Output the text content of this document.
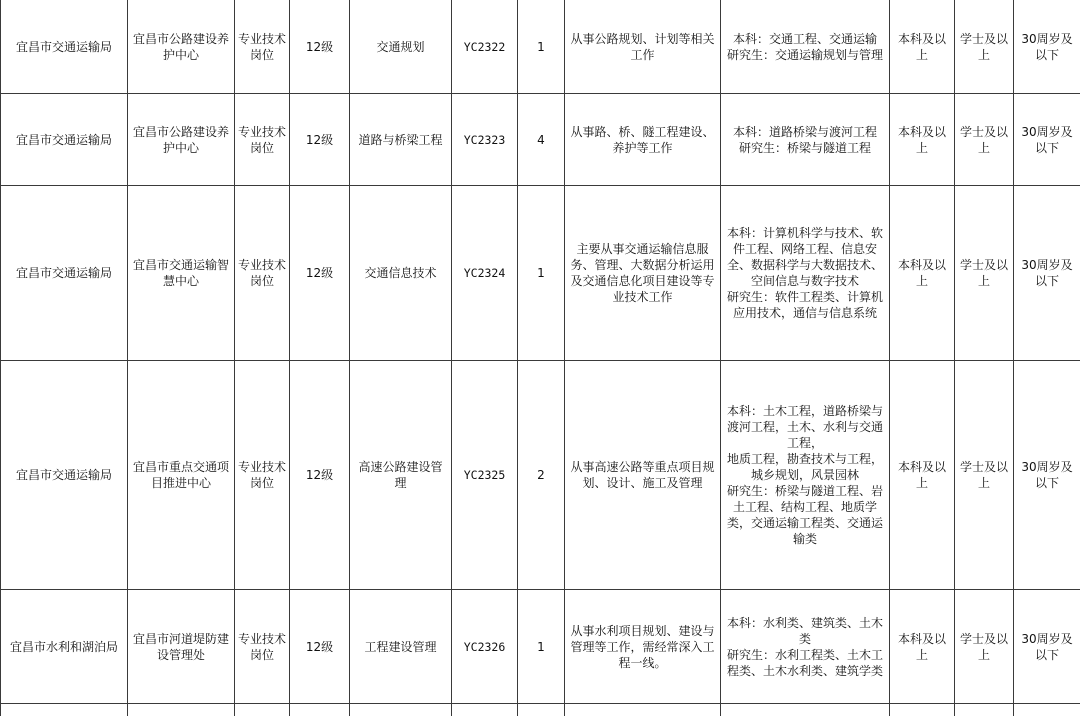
宜昌市交通运输局	宜昌市公路建设养护中心	专业技术岗位	12级	交通规划	YC2322	1	从事公路规划、计划等相关工作	本科：交通工程、交通运输
研究生：交通运输规划与管理	本科及以上	学士及以上	30周岁及以下
宜昌市交通运输局	宜昌市公路建设养护中心	专业技术岗位	12级	道路与桥梁工程	YC2323	4	从事路、桥、隧工程建设、养护等工作	本科：道路桥梁与渡河工程
研究生：桥梁与隧道工程	本科及以上	学士及以上	30周岁及以下
宜昌市交通运输局	宜昌市交通运输智慧中心	专业技术岗位	12级	交通信息技术	YC2324	1	主要从事交通运输信息服务、管理、大数据分析运用及交通信息化项目建设等专业技术工作	本科：计算机科学与技术、软件工程、网络工程、信息安全、数据科学与大数据技术、空间信息与数字技术
研究生：软件工程类、计算机应用技术，通信与信息系统	本科及以上	学士及以上	30周岁及以下
宜昌市交通运输局	宜昌市重点交通项目推进中心	专业技术岗位	12级	高速公路建设管理	YC2325	2	从事高速公路等重点项目规划、设计、施工及管理	本科：土木工程，道路桥梁与渡河工程，土木、水利与交通工程，
地质工程，勘查技术与工程，城乡规划，风景园林
研究生：桥梁与隧道工程、岩土工程、结构工程、地质学类，交通运输工程类、交通运输类	本科及以上	学士及以上	30周岁及以下
宜昌市水利和湖泊局	宜昌市河道堤防建设管理处	专业技术岗位	12级	工程建设管理	YC2326	1	从事水利项目规划、建设与管理等工作，需经常深入工程一线。	本科：水利类、建筑类、土木类
研究生：水利工程类、土木工程类、土木水利类、建筑学类	本科及以上	学士及以上	30周岁及以下
